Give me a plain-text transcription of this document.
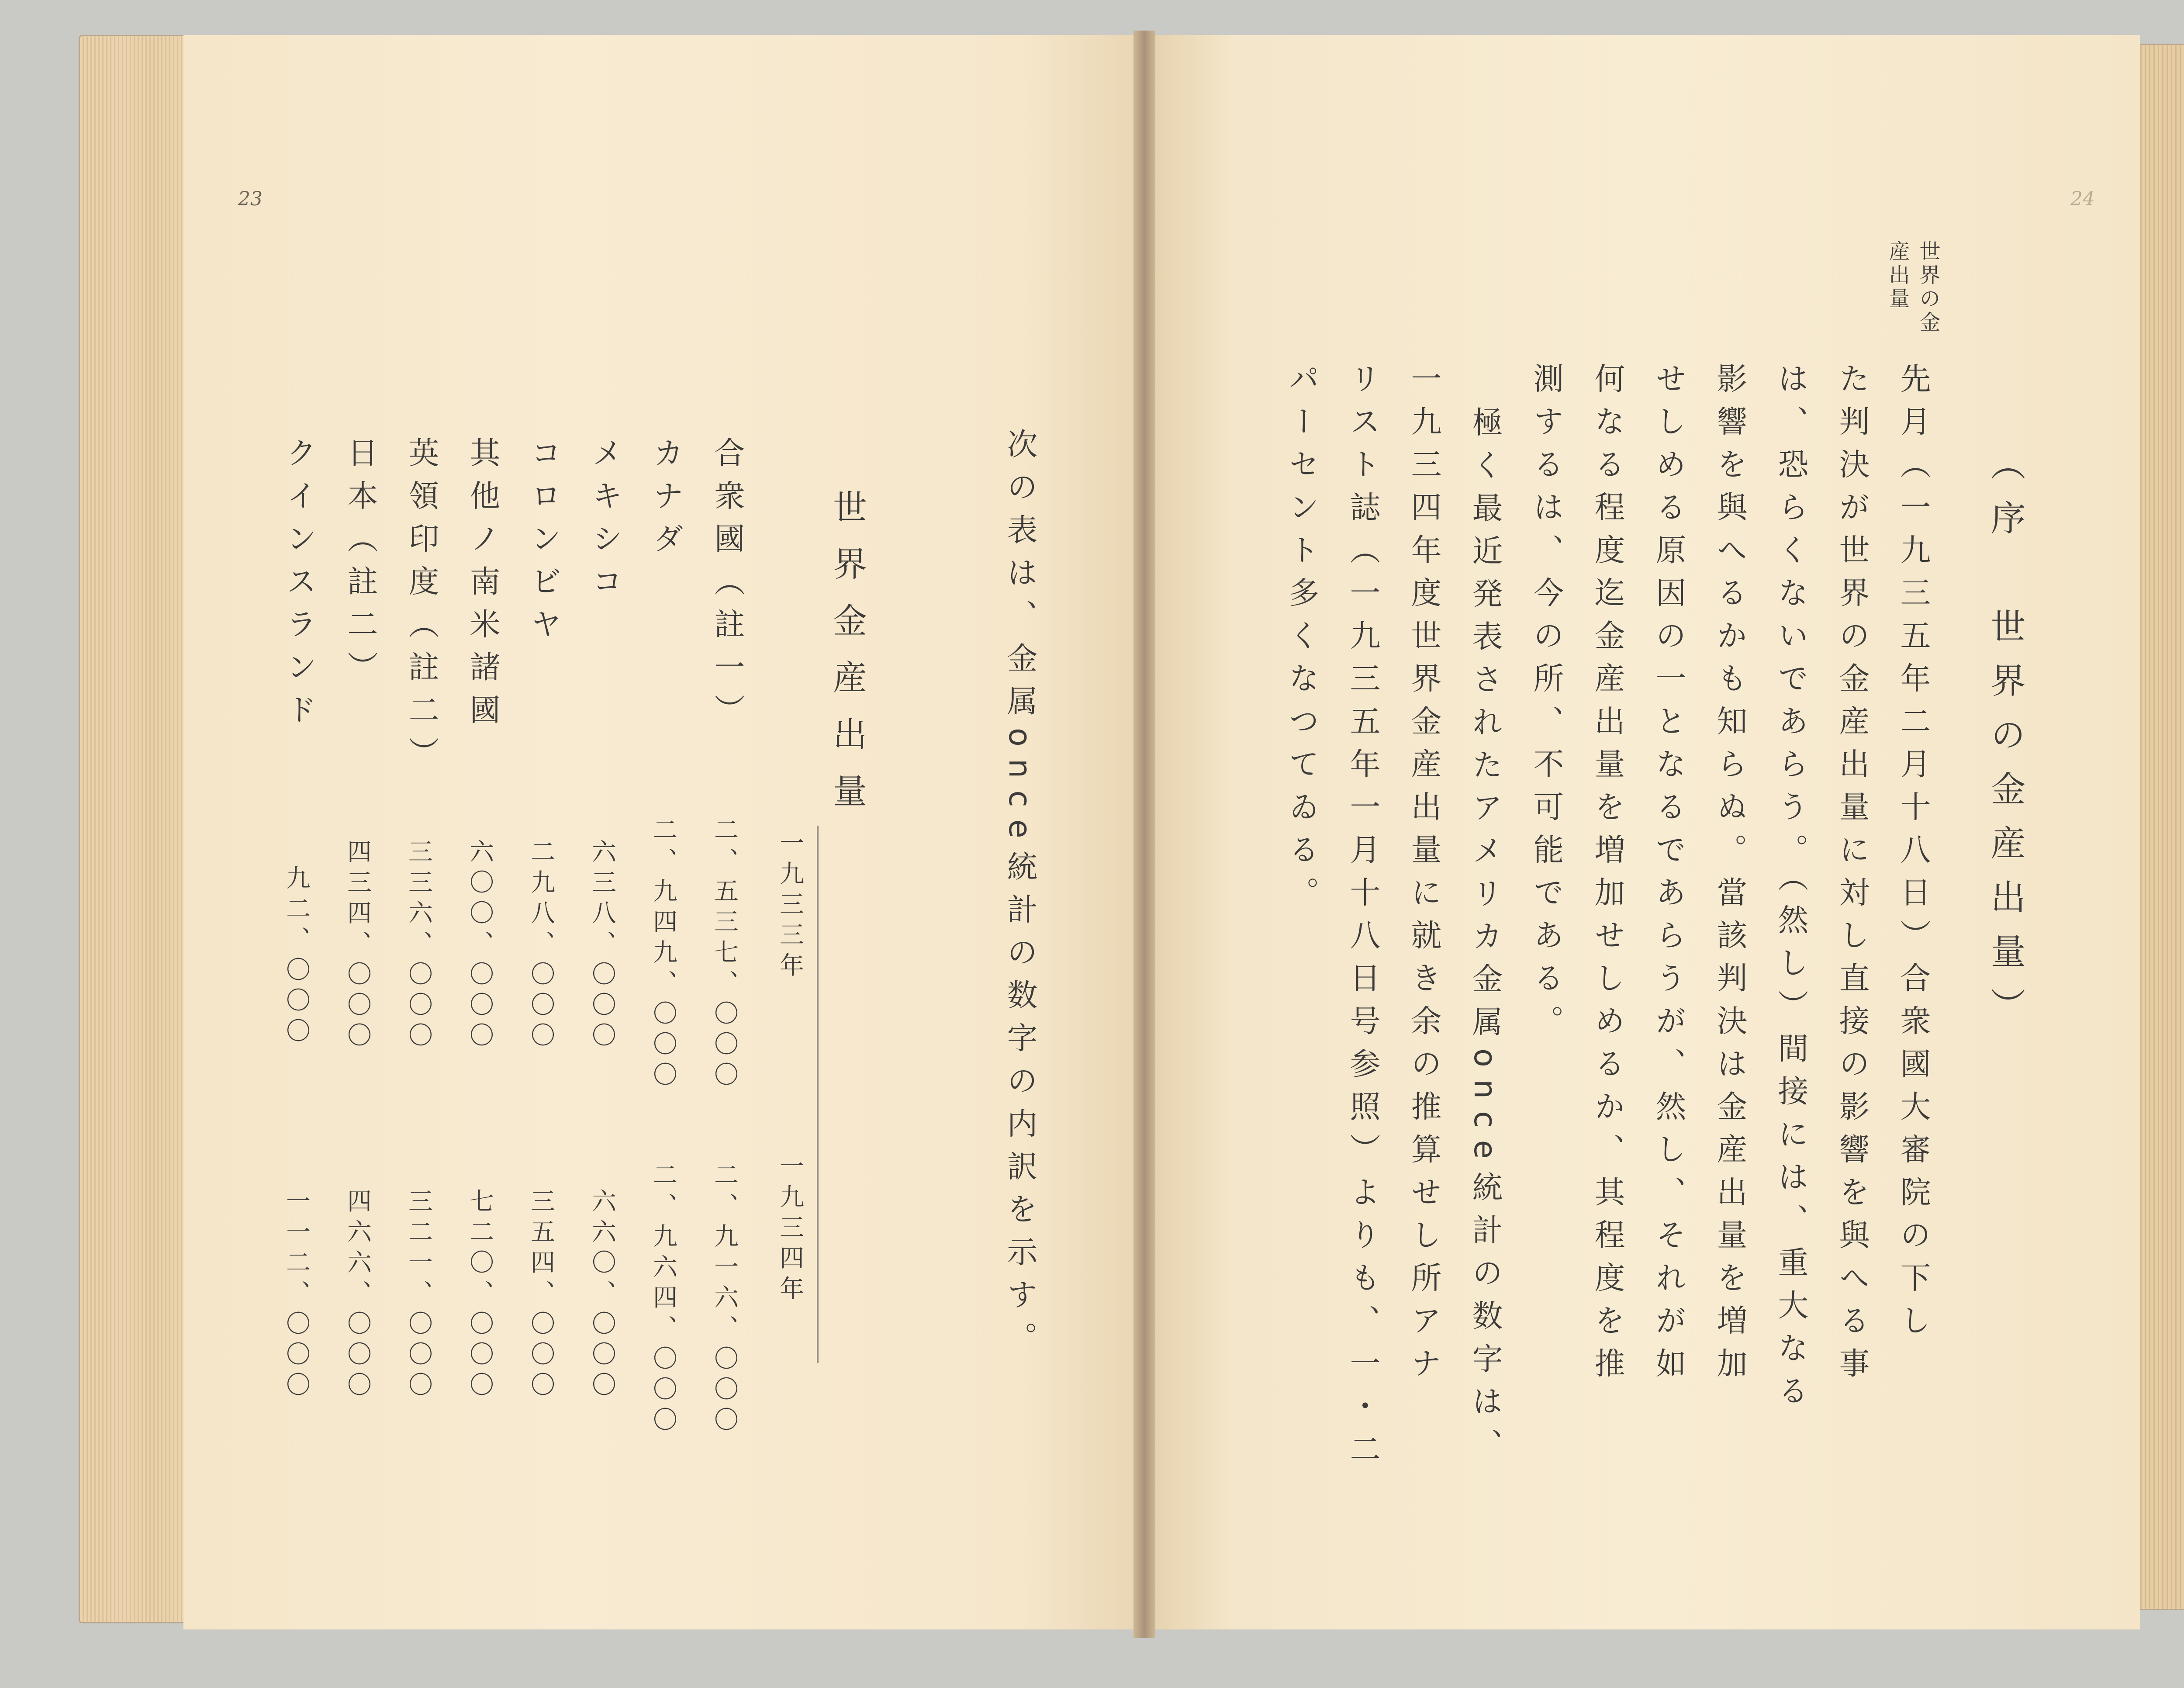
23
次の表は、金属once統計の数字の内訳を示す。
世界金産出量
一九三三年
一九三四年
合衆國（註一）
二、五三七、〇〇〇
二、九一六、〇〇〇
カナダ
二、九四九、〇〇〇
二、九六四、〇〇〇
メキシコ
六三八、〇〇〇
六六〇、〇〇〇
コロンビヤ
二九八、〇〇〇
三五四、〇〇〇
其他ノ南米諸國
六〇〇、〇〇〇
七二〇、〇〇〇
英領印度（註二）
三三六、〇〇〇
三二一、〇〇〇
日本（註二）
四三四、〇〇〇
四六六、〇〇〇
クインスランド
九二、〇〇〇
一一二、〇〇〇
24
世界の金
産出量
（序　世界の金産出量）
先月（一九三五年二月十八日）合衆國大審院の下し
た判決が世界の金産出量に対し直接の影響を與へる事
は、恐らくないであらう。（然し）間接には、重大なる
影響を與へるかも知らぬ。當該判決は金産出量を増加
せしめる原因の一となるであらうが、然し、それが如
何なる程度迄金産出量を増加せしめるか、其程度を推
測するは、今の所、不可能である。
極く最近発表されたアメリカ金属once統計の数字は、
一九三四年度世界金産出量に就き余の推算せし所アナ
リスト誌（一九三五年一月十八日号参照）よりも、一・二
パーセント多くなつてゐる。
